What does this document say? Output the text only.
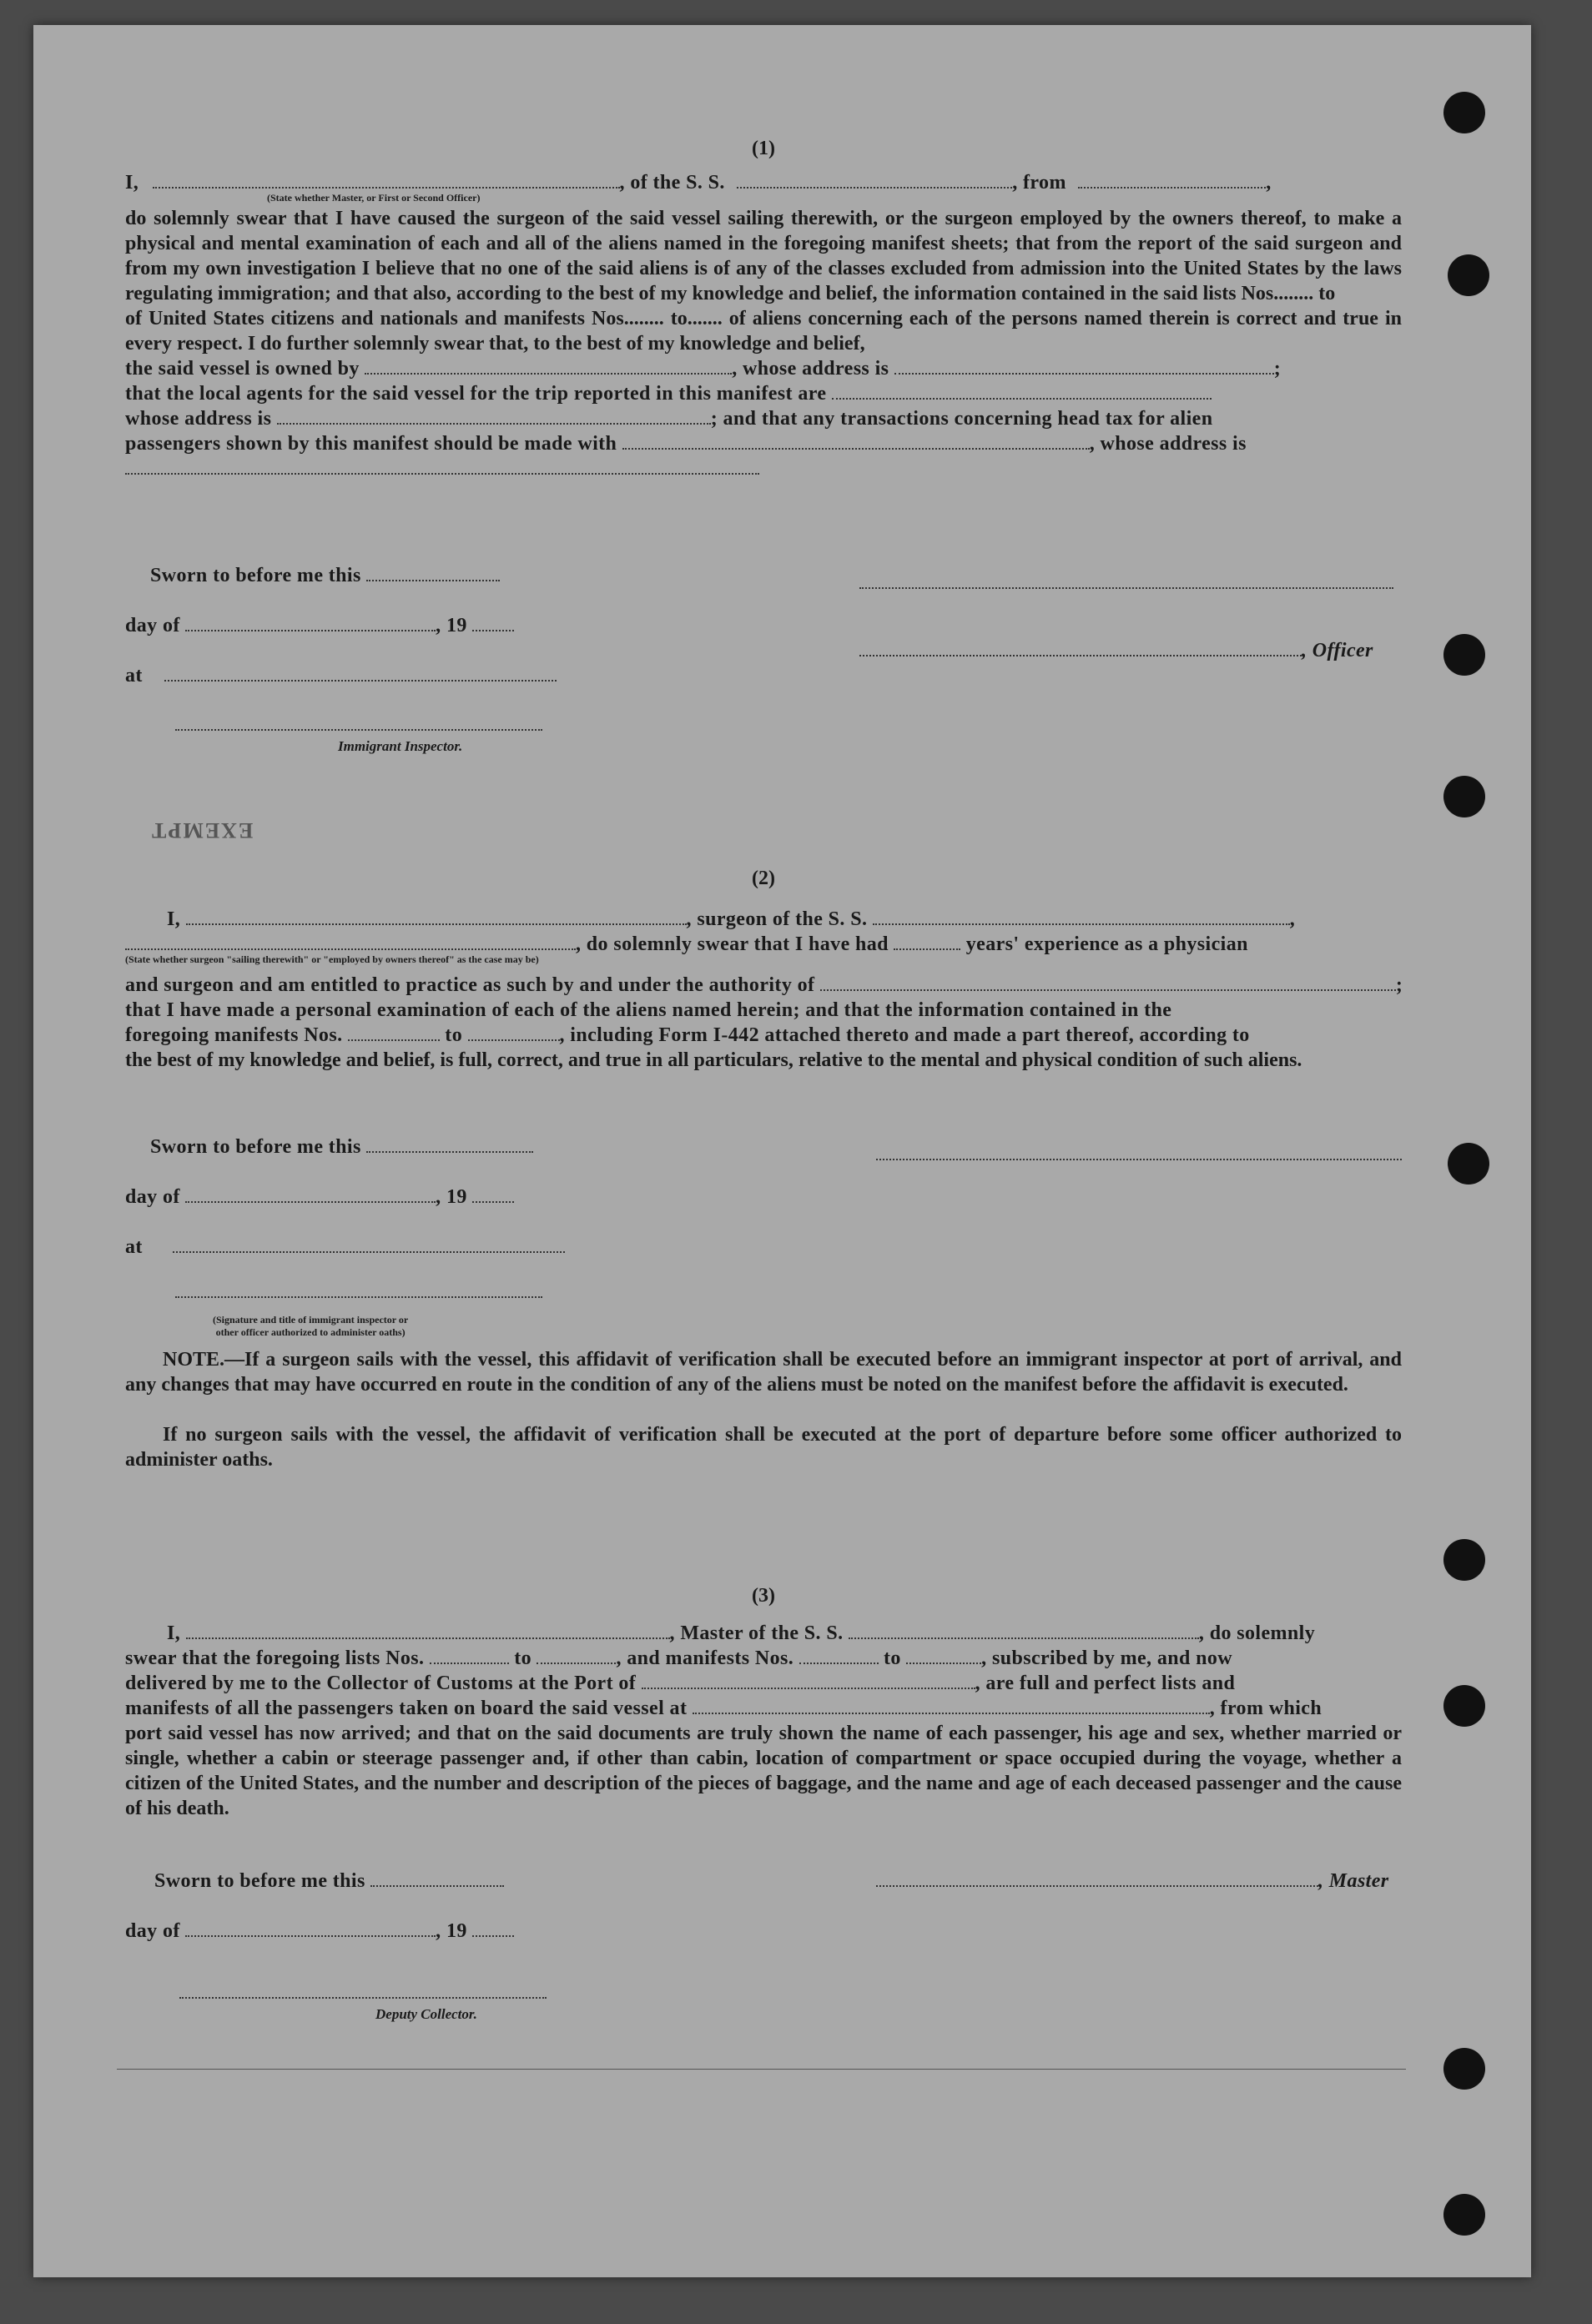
(1)
I,	, of the S. S.	, from	,
(State whether Master, or First or Second Officer)
do solemnly swear that I have caused the surgeon of the said vessel sailing therewith, or the surgeon employed by the owners thereof, to make a physical and mental examination of each and all of the aliens named in the foregoing manifest sheets; that from the report of the said surgeon and from my own investigation I believe that no one of the said aliens is of any of the classes excluded from admission into the United States by the laws regulating immigration; and that also, according to the best of my knowledge and belief, the information contained in the said lists Nos........ to
of United States citizens and nationals and manifests Nos........ to....... of aliens concerning each of the persons named therein is correct and true in every respect. I do further solemnly swear that, to the best of my knowledge and belief,
the said vessel is owned by	, whose address is	;
that the local agents for the said vessel for the trip reported in this manifest are
whose address is	; and that any transactions concerning head tax for alien
passengers shown by this manifest should be made with	, whose address is
Sworn to before me this
day of	, 19
, Officer
at
Immigrant Inspector.
EXEMPT
(2)
I,	, surgeon of the S. S.	,
, do solemnly swear that I have had	years' experience as a physician
(State whether surgeon "sailing therewith" or "employed by owners thereof" as the case may be)
and surgeon and am entitled to practice as such by and under the authority of	;
that I have made a personal examination of each of the aliens named herein; and that the information contained in the
foregoing manifests Nos.	to	, including Form I-442 attached thereto and made a part thereof, according to
the best of my knowledge and belief, is full, correct, and true in all particulars, relative to the mental and physical condition of such aliens.
Sworn to before me this
day of	, 19
at
(Signature and title of immigrant inspector or
other officer authorized to administer oaths)
NOTE.—If a surgeon sails with the vessel, this affidavit of verification shall be executed before an immigrant inspector at port of arrival, and any changes that may have occurred en route in the condition of any of the aliens must be noted on the manifest before the affidavit is executed.
If no surgeon sails with the vessel, the affidavit of verification shall be executed at the port of departure before some officer authorized to administer oaths.
(3)
I,	, Master of the S. S.	, do solemnly
swear that the foregoing lists Nos.	to	, and manifests Nos.	to	, subscribed by me, and now
delivered by me to the Collector of Customs at the Port of	, are full and perfect lists and
manifests of all the passengers taken on board the said vessel at	, from which
port said vessel has now arrived; and that on the said documents are truly shown the name of each passenger, his age and sex, whether married or single, whether a cabin or steerage passenger and, if other than cabin, location of compartment or space occupied during the voyage, whether a citizen of the United States, and the number and description of the pieces of baggage, and the name and age of each deceased passenger and the cause of his death.
Sworn to before me this	, Master
day of	, 19
Deputy Collector.
